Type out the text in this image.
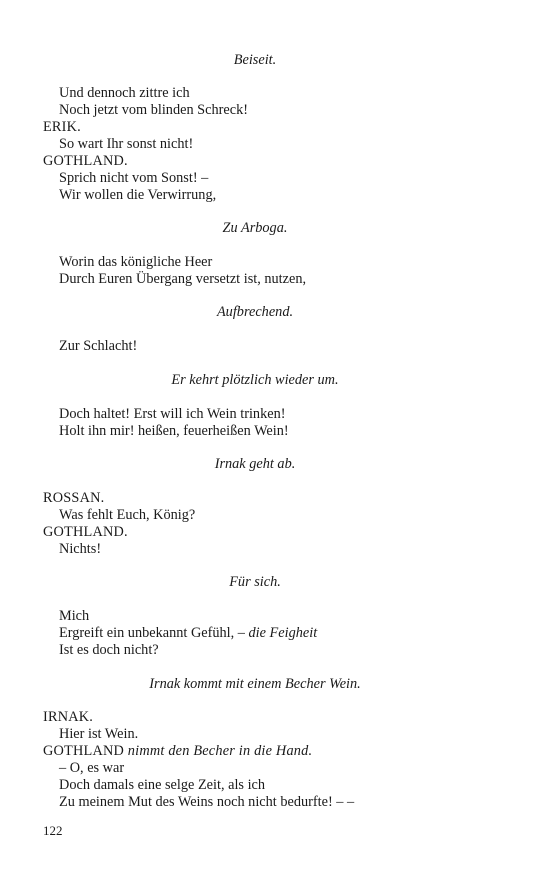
Beiseit.
Und dennoch zittre ich
Noch jetzt vom blinden Schreck!
ERIK.
So wart Ihr sonst nicht!
GOTHLAND.
Sprich nicht vom Sonst! –
Wir wollen die Verwirrung,
Zu Arboga.
Worin das königliche Heer
Durch Euren Übergang versetzt ist, nutzen,
Aufbrechend.
Zur Schlacht!
Er kehrt plötzlich wieder um.
Doch haltet! Erst will ich Wein trinken!
Holt ihn mir! heißen, feuerheißen Wein!
Irnak geht ab.
ROSSAN.
Was fehlt Euch, König?
GOTHLAND.
Nichts!
Für sich.
Mich
Ergreift ein unbekannt Gefühl, – die Feigheit
Ist es doch nicht?
Irnak kommt mit einem Becher Wein.
IRNAK.
Hier ist Wein.
GOTHLAND nimmt den Becher in die Hand.
– O, es war
Doch damals eine selge Zeit, als ich
Zu meinem Mut des Weins noch nicht bedurfte! – –
122
